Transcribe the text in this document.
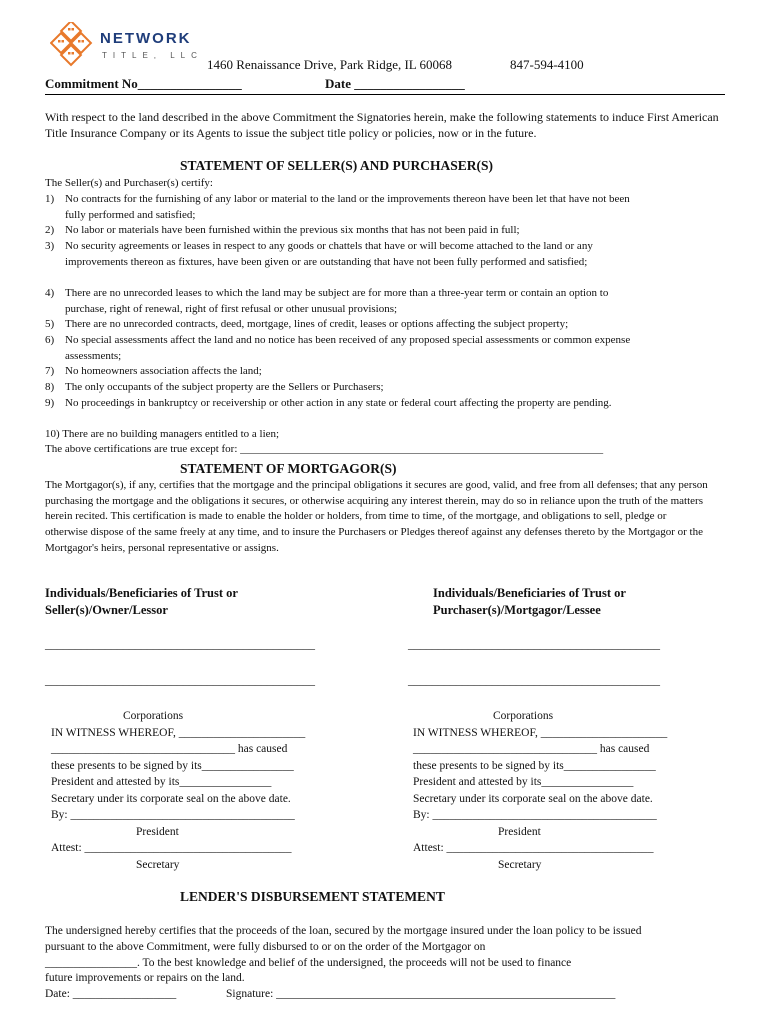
NETWORK
TITLE, LLC
1460 Renaissance Drive, Park Ridge, IL 60068	847-594-4100
Commitment No________________	Date _________________
With respect to the land described in the above Commitment the Signatories herein, make the following statements to induce First American Title Insurance Company or its Agents to issue the subject title policy or policies, now or in the future.
STATEMENT OF SELLER(S) AND PURCHASER(S)
The Seller(s) and Purchaser(s) certify:
1) No contracts for the furnishing of any labor or material to the land or the improvements thereon have been let that have not been fully performed and satisfied;
2) No labor or materials have been furnished within the previous six months that has not been paid in full;
3) No security agreements or leases in respect to any goods or chattels that have or will become attached to the land or any improvements thereon as fixtures, have been given or are outstanding that have not been fully performed and satisfied;
4) There are no unrecorded leases to which the land may be subject are for more than a three-year term or contain an option to purchase, right of renewal, right of first refusal or other unusual provisions;
5) There are no unrecorded contracts, deed, mortgage, lines of credit, leases or options affecting the subject property;
6) No special assessments affect the land and no notice has been received of any proposed special assessments or common expense assessments;
7) No homeowners association affects the land;
8) The only occupants of the subject property are the Sellers or Purchasers;
9) No proceedings in bankruptcy or receivership or other action in any state or federal court affecting the property are pending.
10) There are no building managers entitled to a lien;
The above certifications are true except for: __________________________________________________________________
STATEMENT OF MORTGAGOR(S)
The Mortgagor(s), if any, certifies that the mortgage and the principal obligations it secures are good, valid, and free from all defenses; that any person purchasing the mortgage and the obligations it secures, or otherwise acquiring any interest therein, may do so in reliance upon the truth of the matters herein recited. This certification is made to enable the holder or holders, from time to time, of the mortgage, and obligations to sell, pledge or otherwise dispose of the same freely at any time, and to insure the Purchasers or Pledges thereof against any defenses thereto by the Mortgagor or the Mortgagor's heirs, personal representative or assigns.
Individuals/Beneficiaries of Trust or
Seller(s)/Owner/Lessor
Individuals/Beneficiaries of Trust or
Purchaser(s)/Mortgagor/Lessee
_____________________________________________	__________________________________________
_____________________________________________	__________________________________________
Corporations
IN WITNESS WHEREOF, ______________________
________________________________ has caused
these presents to be signed by its________________
President and attested by its________________
Secretary under its corporate seal on the above date.
By: _______________________________________
President
Attest: ____________________________________
Secretary
Corporations
IN WITNESS WHEREOF, ______________________
________________________________ has caused
these presents to be signed by its________________
President and attested by its________________
Secretary under its corporate seal on the above date.
By: _______________________________________
President
Attest: ____________________________________
Secretary
LENDER'S DISBURSEMENT STATEMENT
The undersigned hereby certifies that the proceeds of the loan, secured by the mortgage insured under the loan policy to be issued
pursuant to the above Commitment, were fully disbursed to or on the order of the Mortgagor on
________________. To the best knowledge and belief of the undersigned, the proceeds will not be used to finance
future improvements or repairs on the land.
Date: __________________	Signature: ___________________________________________________________
